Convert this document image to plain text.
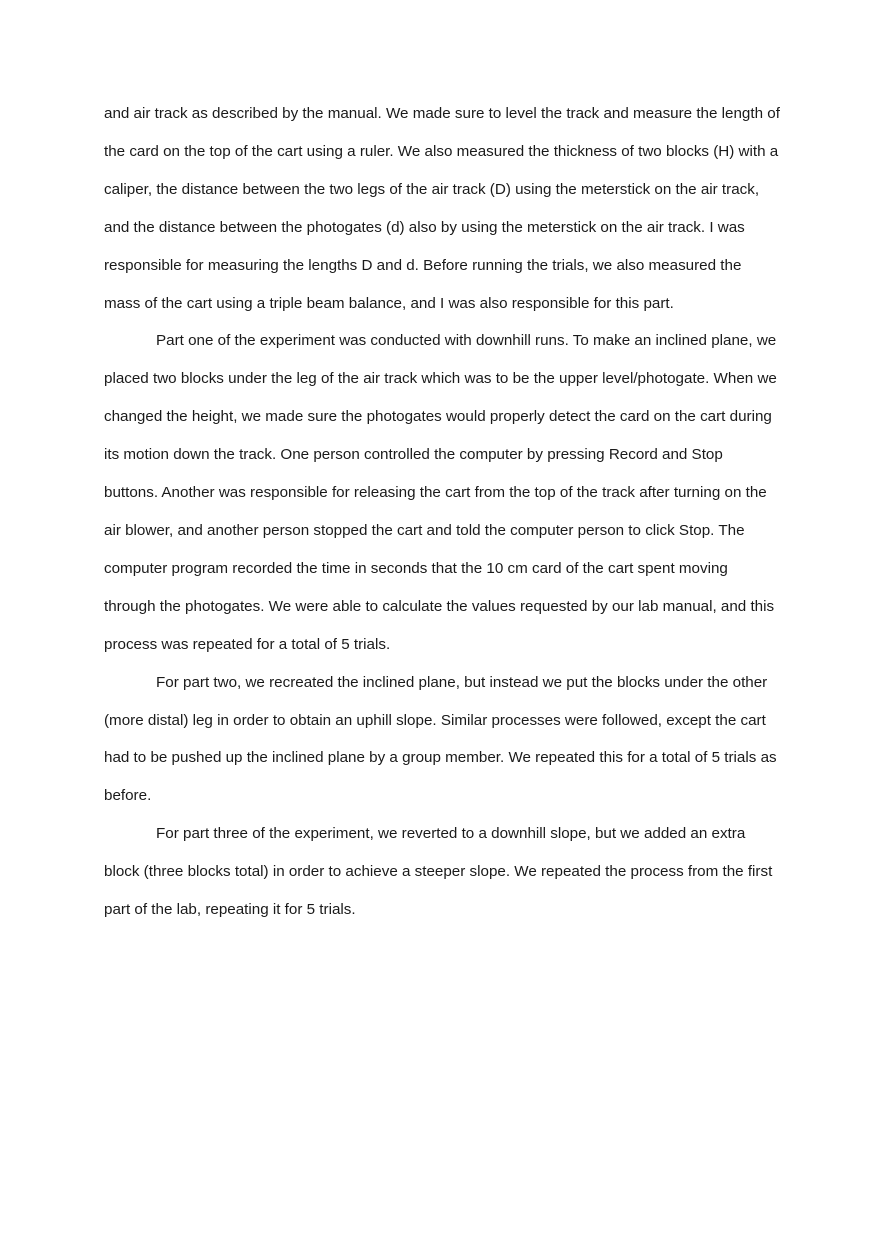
and air track as described by the manual. We made sure to level the track and measure the length of the card on the top of the cart using a ruler. We also measured the thickness of two blocks (H) with a caliper, the distance between the two legs of the air track (D) using the meterstick on the air track, and the distance between the photogates (d) also by using the meterstick on the air track. I was responsible for measuring the lengths D and d. Before running the trials, we also measured the mass of the cart using a triple beam balance, and I was also responsible for this part.

Part one of the experiment was conducted with downhill runs. To make an inclined plane, we placed two blocks under the leg of the air track which was to be the upper level/photogate. When we changed the height, we made sure the photogates would properly detect the card on the cart during its motion down the track. One person controlled the computer by pressing Record and Stop buttons. Another was responsible for releasing the cart from the top of the track after turning on the air blower, and another person stopped the cart and told the computer person to click Stop. The computer program recorded the time in seconds that the 10 cm card of the cart spent moving through the photogates. We were able to calculate the values requested by our lab manual, and this process was repeated for a total of 5 trials.

For part two, we recreated the inclined plane, but instead we put the blocks under the other (more distal) leg in order to obtain an uphill slope. Similar processes were followed, except the cart had to be pushed up the inclined plane by a group member. We repeated this for a total of 5 trials as before.

For part three of the experiment, we reverted to a downhill slope, but we added an extra block (three blocks total) in order to achieve a steeper slope. We repeated the process from the first part of the lab, repeating it for 5 trials.
